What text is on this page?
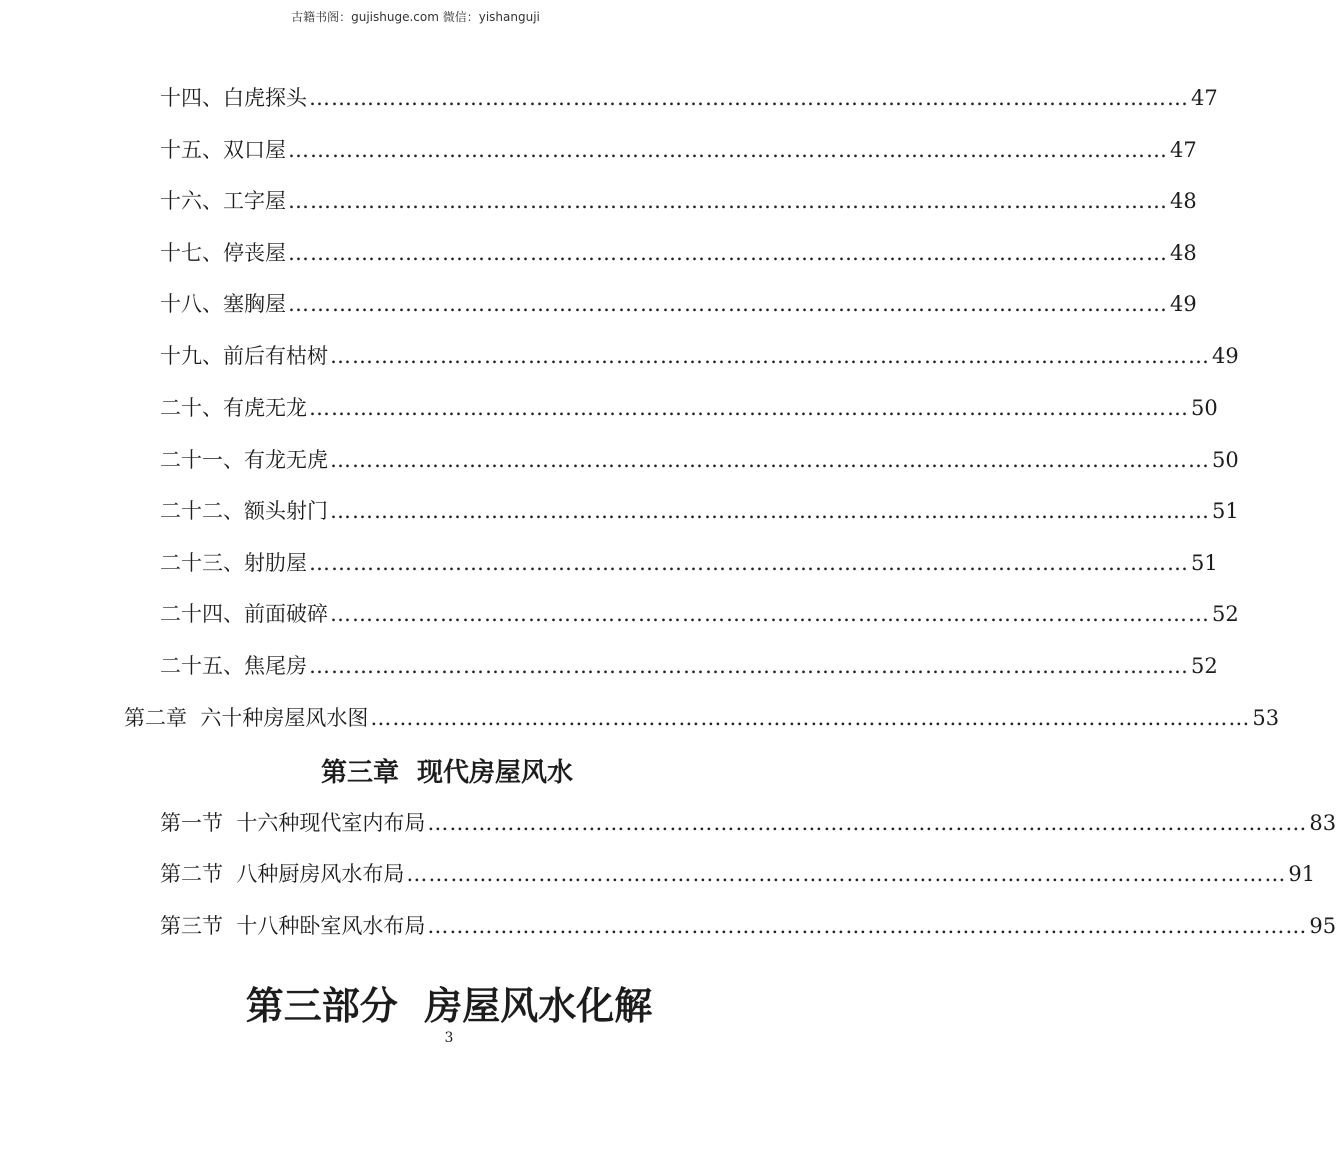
古籍书阁：gujishuge.com 微信：yishanguji
十四、白虎探头 ………………………………………………………………………………………………………… 47
十五、双口屋 ………………………………………………………………………………………………………… 47
十六、工字屋 ………………………………………………………………………………………………………… 48
十七、停丧屋 ………………………………………………………………………………………………………… 48
十八、塞胸屋 ………………………………………………………………………………………………………… 49
十九、前后有枯树 ………………………………………………………………………………………………………… 49
二十、有虎无龙 ………………………………………………………………………………………………………… 50
二十一、有龙无虎 ………………………………………………………………………………………………………… 50
二十二、额头射门 ………………………………………………………………………………………………………… 51
二十三、射肋屋 ………………………………………………………………………………………………………… 51
二十四、前面破碎 ………………………………………………………………………………………………………… 52
二十五、焦尾房 ………………………………………………………………………………………………………… 52
第二章  六十种房屋风水图 ………………………………………………………………………………………………………… 53
第三章  现代房屋风水
第一节  十六种现代室内布局 ………………………………………………………………………………………………………… 83
第二节  八种厨房风水布局 ………………………………………………………………………………………………………… 91
第三节  十八种卧室风水布局 ………………………………………………………………………………………………………… 95
第三部分  房屋风水化解
3
